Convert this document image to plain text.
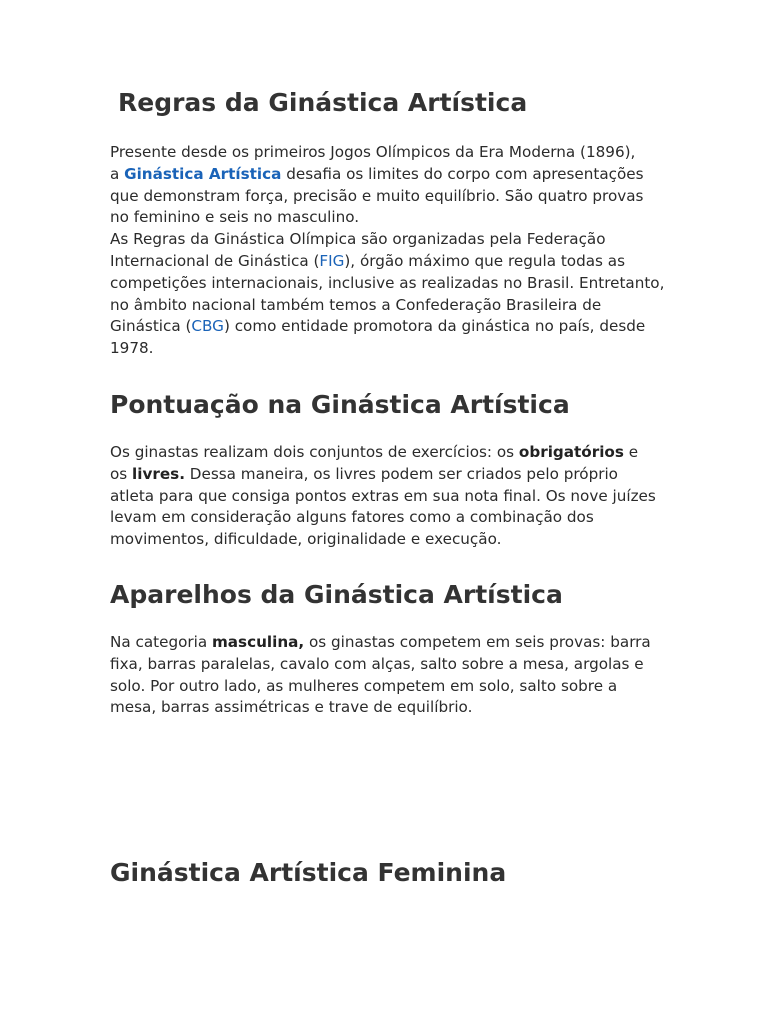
Regras da Ginástica Artística

Presente desde os primeiros Jogos Olímpicos da Era Moderna (1896),
a Ginástica Artística desafia os limites do corpo com apresentações
que demonstram força, precisão e muito equilíbrio. São quatro provas
no feminino e seis no masculino.
As Regras da Ginástica Olímpica são organizadas pela Federação
Internacional de Ginástica (FIG), órgão máximo que regula todas as
competições internacionais, inclusive as realizadas no Brasil. Entretanto,
no âmbito nacional também temos a Confederação Brasileira de
Ginástica (CBG) como entidade promotora da ginástica no país, desde
1978.

Pontuação na Ginástica Artística

Os ginastas realizam dois conjuntos de exercícios: os obrigatórios e
os livres. Dessa maneira, os livres podem ser criados pelo próprio
atleta para que consiga pontos extras em sua nota final. Os nove juízes
levam em consideração alguns fatores como a combinação dos
movimentos, dificuldade, originalidade e execução.

Aparelhos da Ginástica Artística

Na categoria masculina, os ginastas competem em seis provas: barra
fixa, barras paralelas, cavalo com alças, salto sobre a mesa, argolas e
solo. Por outro lado, as mulheres competem em solo, salto sobre a
mesa, barras assimétricas e trave de equilíbrio.

Ginástica Artística Feminina
